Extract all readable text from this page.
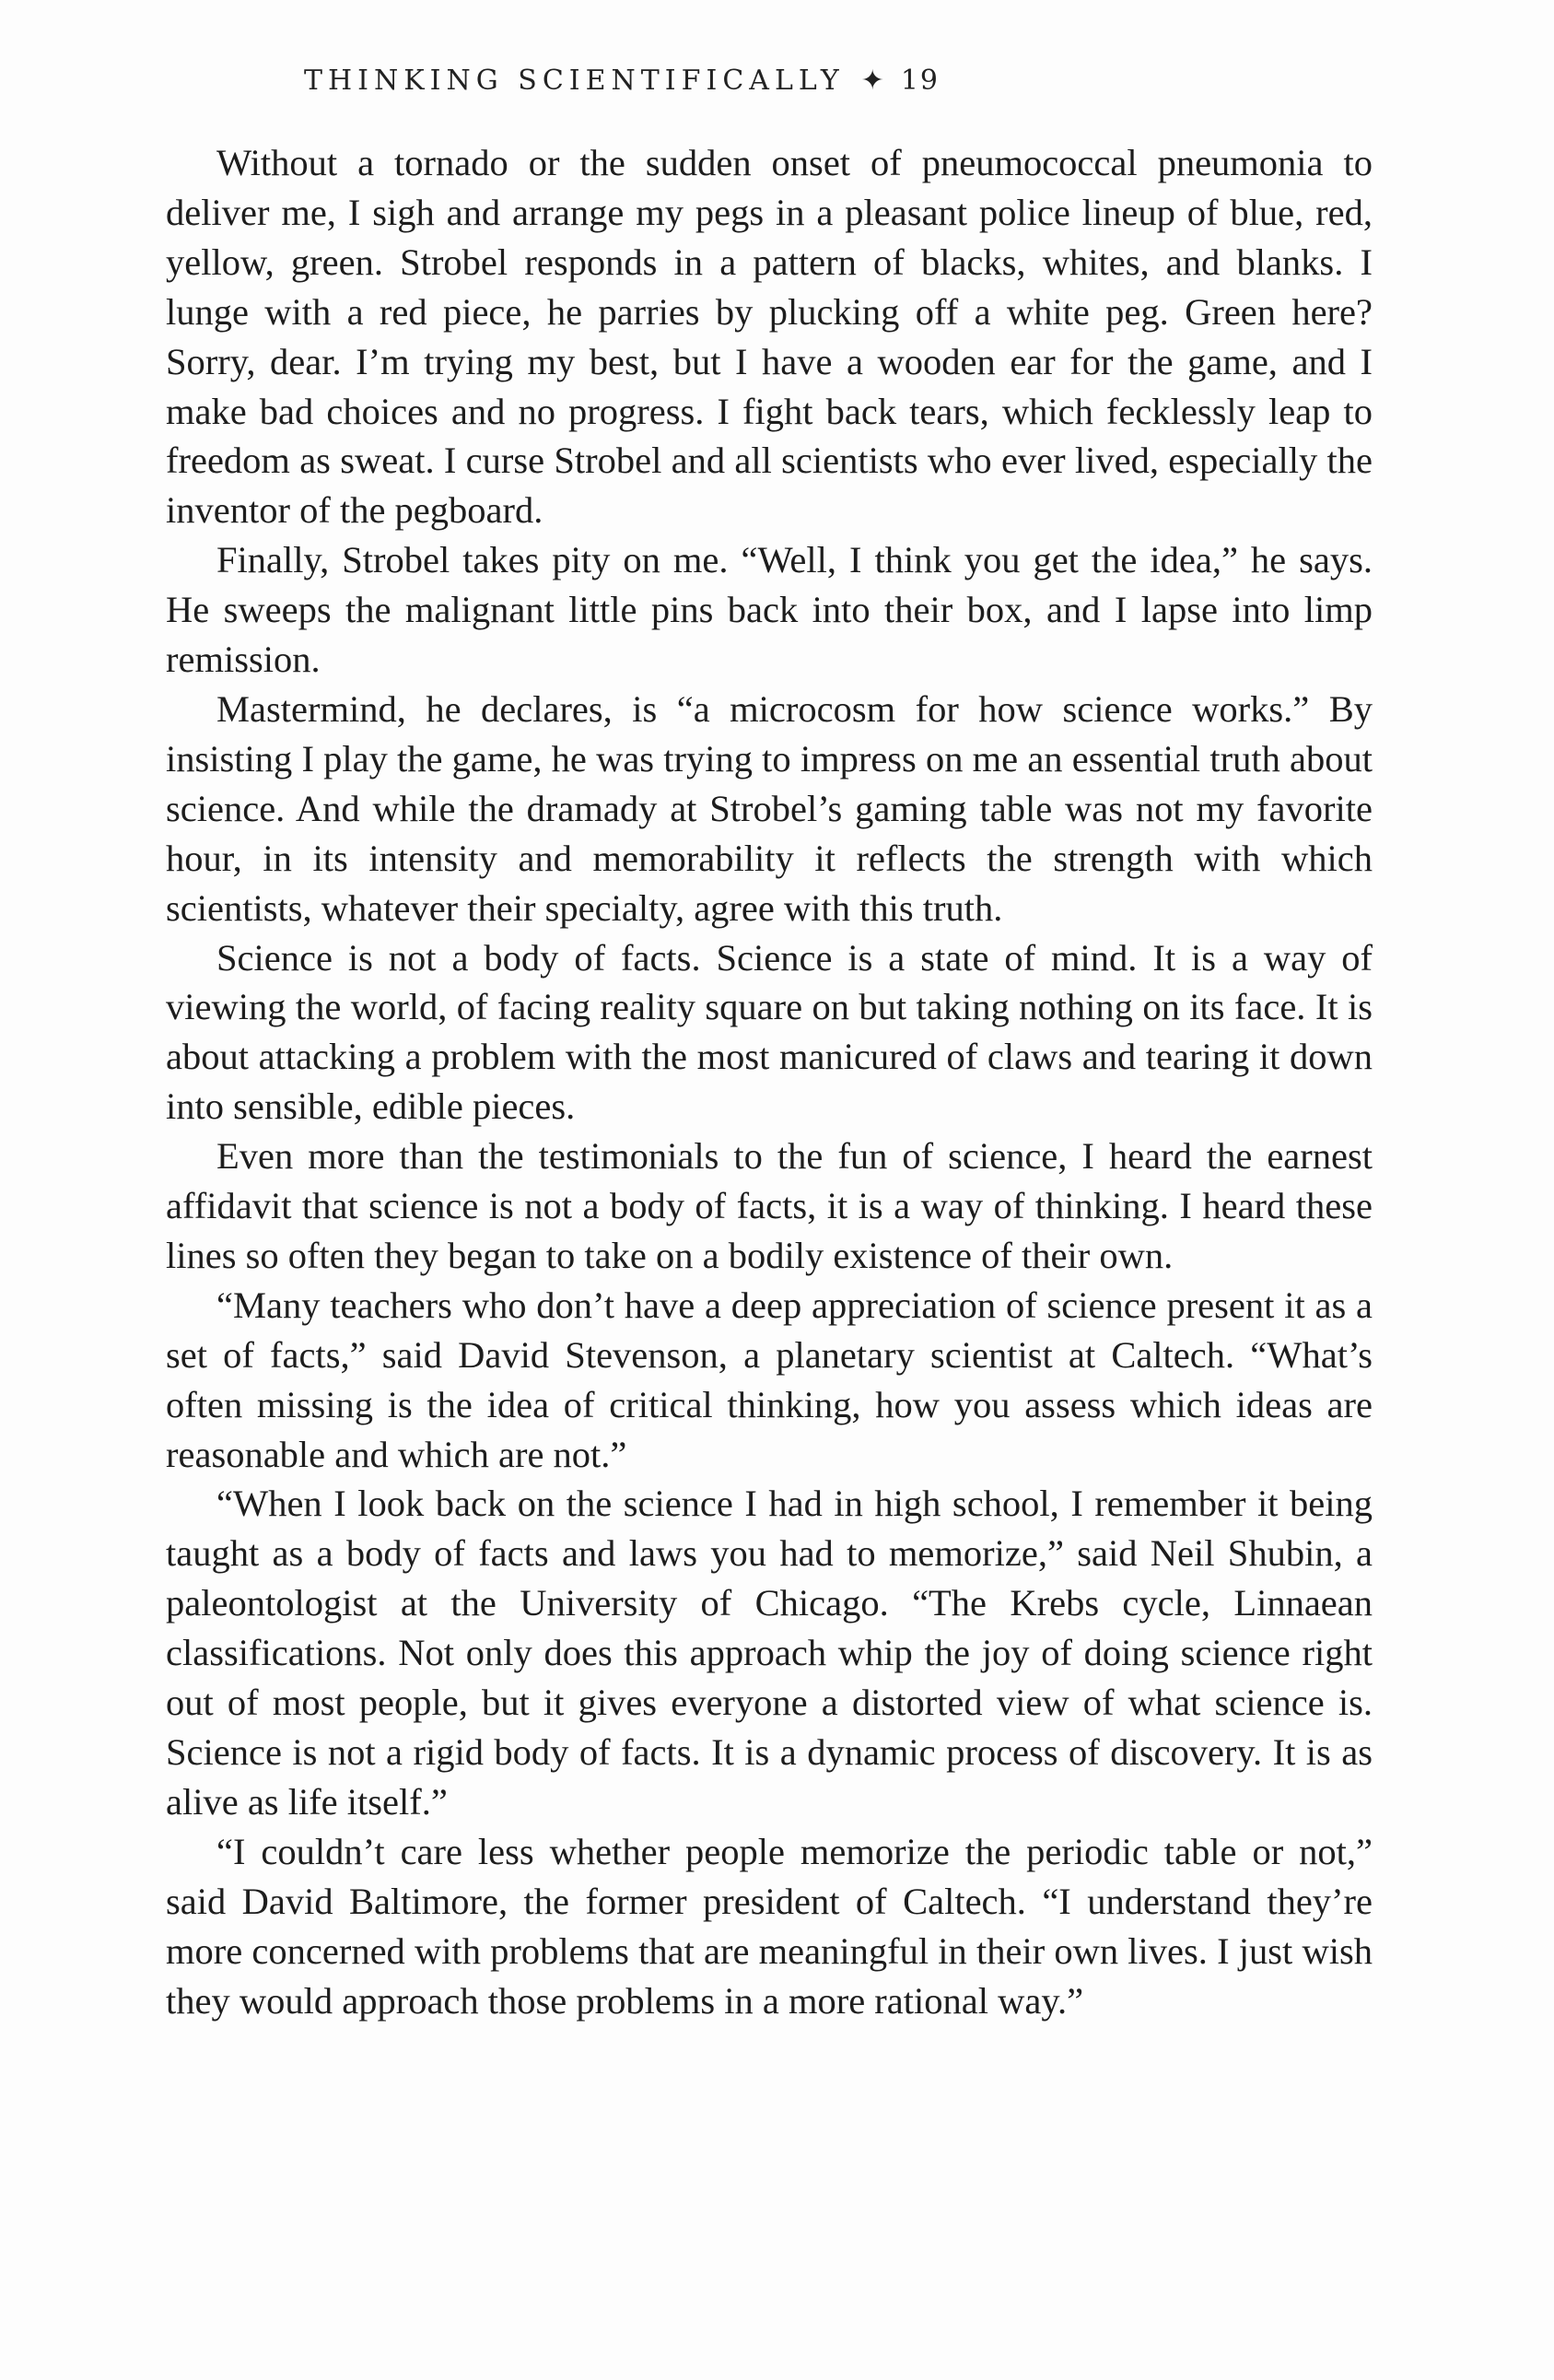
THINKING SCIENTIFICALLY ✦ 19

Without a tornado or the sudden onset of pneumococcal pneumonia to deliver me, I sigh and arrange my pegs in a pleasant police lineup of blue, red, yellow, green. Strobel responds in a pattern of blacks, whites, and blanks. I lunge with a red piece, he parries by plucking off a white peg. Green here? Sorry, dear. I’m trying my best, but I have a wooden ear for the game, and I make bad choices and no progress. I fight back tears, which fecklessly leap to freedom as sweat. I curse Strobel and all scientists who ever lived, especially the inventor of the pegboard.

Finally, Strobel takes pity on me. “Well, I think you get the idea,” he says. He sweeps the malignant little pins back into their box, and I lapse into limp remission.

Mastermind, he declares, is “a microcosm for how science works.” By insisting I play the game, he was trying to impress on me an essential truth about science. And while the dramady at Strobel’s gaming table was not my favorite hour, in its intensity and memorability it reflects the strength with which scientists, whatever their specialty, agree with this truth.

Science is not a body of facts. Science is a state of mind. It is a way of viewing the world, of facing reality square on but taking nothing on its face. It is about attacking a problem with the most manicured of claws and tearing it down into sensible, edible pieces.

Even more than the testimonials to the fun of science, I heard the earnest affidavit that science is not a body of facts, it is a way of thinking. I heard these lines so often they began to take on a bodily existence of their own.

“Many teachers who don’t have a deep appreciation of science present it as a set of facts,” said David Stevenson, a planetary scientist at Caltech. “What’s often missing is the idea of critical thinking, how you assess which ideas are reasonable and which are not.”

“When I look back on the science I had in high school, I remember it being taught as a body of facts and laws you had to memorize,” said Neil Shubin, a paleontologist at the University of Chicago. “The Krebs cycle, Linnaean classifications. Not only does this approach whip the joy of doing science right out of most people, but it gives everyone a distorted view of what science is. Science is not a rigid body of facts. It is a dynamic process of discovery. It is as alive as life itself.”

“I couldn’t care less whether people memorize the periodic table or not,” said David Baltimore, the former president of Caltech. “I understand they’re more concerned with problems that are meaningful in their own lives. I just wish they would approach those problems in a more rational way.”
